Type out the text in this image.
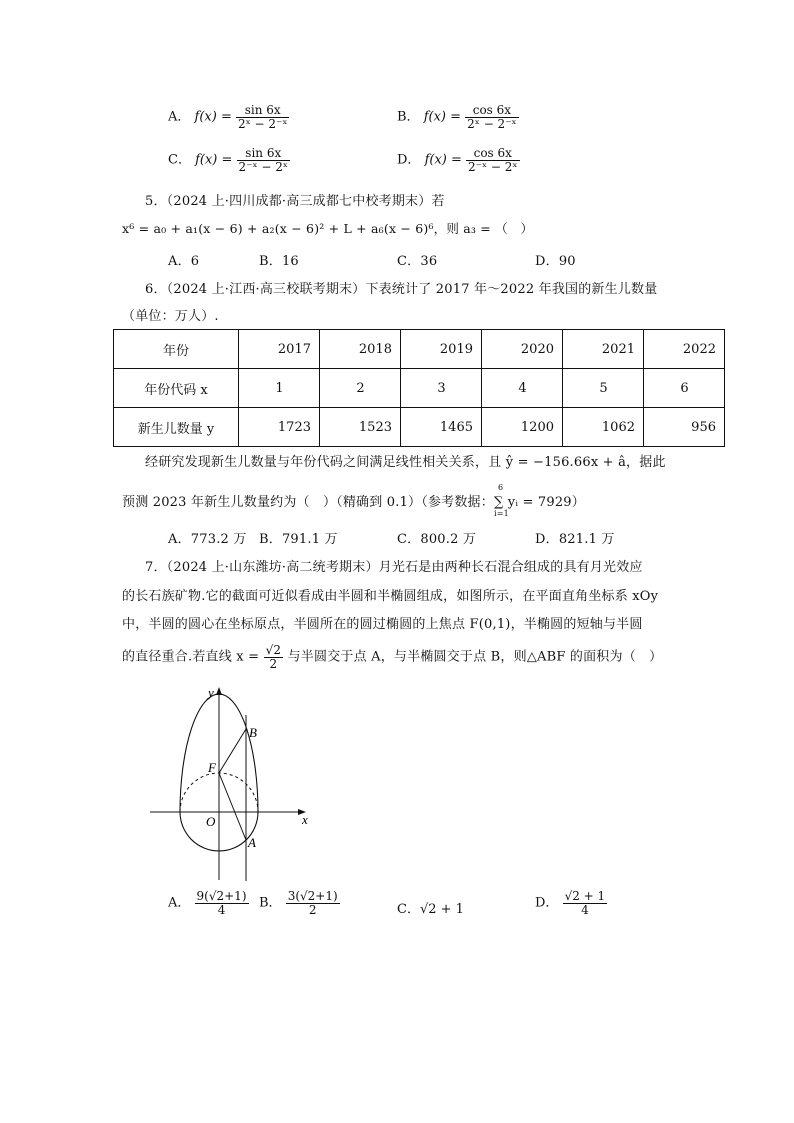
A． $f(x) = \frac{\sin 6x}{\text{2ˣ − 2⁻ˣ}}$	B． $f(x) = \frac{\cos 6x}{\text{2ˣ − 2⁻ˣ}}$
C． $f(x) = \frac{\sin 6x}{\text{2⁻ˣ − 2ˣ}}$	D． $f(x) = \frac{\cos 6x}{\text{2⁻ˣ − 2ˣ}}$
5．（2024 上·四川成都·高三成都七中校考期末）若
x⁶ = a₀ + a₁(x − 6) + a₂(x − 6)² + L + a₆(x − 6)⁶，则 a₃ = （　）
A．6	B．16	C．36	D．90
6．（2024 上·江西·高三校联考期末）下表统计了 2017 年～2022 年我国的新生儿数量
（单位：万人）.
年份	2017	2018	2019	2020	2021	2022
年份代码 x	1	2	3	4	5	6
新生儿数量 y	1723	1523	1465	1200	1062	956
经研究发现新生儿数量与年份代码之间满足线性相关关系，且 ŷ = −156.66x + â，据此
预测 2023 年新生儿数量约为（　）（精确到 0.1）（参考数据：
6
∑ yᵢ = 7929
i=1
）
A．773.2 万 B．791.1 万	C．800.2 万	D．821.1 万
7．（2024 上·山东潍坊·高二统考期末）月光石是由两种长石混合组成的具有月光效应
的长石族矿物.它的截面可近似看成由半圆和半椭圆组成，如图所示，在平面直角坐标系 xOy
中，半圆的圆心在坐标原点，半圆所在的圆过椭圆的上焦点 F(0,1)，半椭圆的短轴与半圆
的直径重合.若直线 $x = \frac{√2}{2}$ 与半圆交于点 A，与半椭圆交于点 B，则△ABF 的面积为（　）
y
x
O
F
B
A
A． $\frac{9(√2+1)}{4}$ B． $\frac{3(√2+1)}{2}$	C．√2 + 1	D． $\frac{√2 + 1}{4}$
